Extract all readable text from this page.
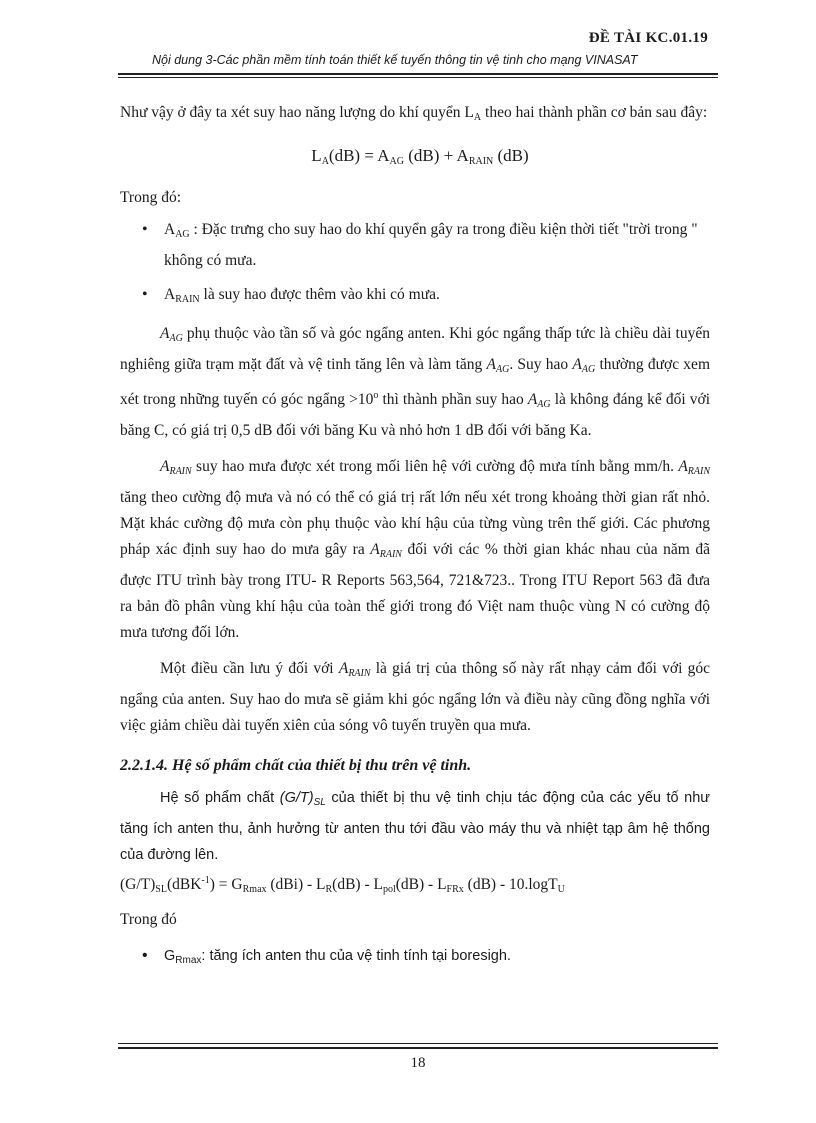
ĐỀ TÀI KC.01.19
Nội dung 3-Các phần mềm tính toán thiết kế tuyến thông tin vệ tinh cho mạng VINASAT

Như vậy ở đây ta xét suy hao năng lượng do khí quyển $L_A$ theo hai thành phần cơ bản sau đây:

$L_A(dB) = A_{AG}$ $(dB) + A_{RAIN}$ (dB)

Trong đó:

• $A_{AG}$ : Đặc trưng cho suy hao do khí quyển gây ra trong điều kiện thời tiết "trời trong " không có mưa.
• $A_{RAIN}$ là suy hao được thêm vào khi có mưa.

$A_{AG}$ phụ thuộc vào tần số và góc ngẩng anten. Khi góc ngẩng thấp tức là chiều dài tuyến nghiêng giữa trạm mặt đất và vệ tinh tăng lên và làm tăng $A_{AG}$. Suy hao $A_{AG}$ thường được xem xét trong những tuyến có góc ngẩng $>10^o$ thì thành phần suy hao $A_{AG}$ là không đáng kể đối với băng C, có giá trị 0,5 dB đối với băng Ku và nhỏ hơn 1 dB đối với băng Ka.

$A_{RAIN}$ suy hao mưa được xét trong mối liên hệ với cường độ mưa tính bằng mm/h. $A_{RAIN}$ tăng theo cường độ mưa và nó có thể có giá trị rất lớn nếu xét trong khoảng thời gian rất nhỏ. Mặt khác cường độ mưa còn phụ thuộc vào khí hậu của từng vùng trên thế giới. Các phương pháp xác định suy hao do mưa gây ra $A_{RAIN}$ đối với các % thời gian khác nhau của năm đã được ITU trình bày trong ITU- R Reports 563,564, 721&723.. Trong ITU Report 563 đã đưa ra bản đồ phân vùng khí hậu của toàn thế giới trong đó Việt nam thuộc vùng N có cường độ mưa tương đối lớn.

Một điều cần lưu ý đối với $A_{RAIN}$ là giá trị của thông số này rất nhạy cảm đối với góc ngẩng của anten. Suy hao do mưa sẽ giảm khi góc ngẩng lớn và điều này cũng đồng nghĩa với việc giảm chiều dài tuyến xiên của sóng vô tuyến truyền qua mưa.

2.2.1.4. Hệ số phẩm chất của thiết bị thu trên vệ tinh.

Hệ số phẩm chất $(G/T)_{SL}$ của thiết bị thu vệ tinh chịu tác động của các yếu tố như tăng ích anten thu, ảnh hưởng từ anten thu tới đầu vào máy thu và nhiệt tạp âm hệ thống của đường lên.

$(G/T)_{SL}(dBK^{-1}) = G_{Rmax}$ $(dBi) - L_R(dB) - L_{pol}(dB) - L_{FRx}$ (dB) - 10.logT$_U$

Trong đó

• $G_{Rmax}$: tăng ích anten thu của vệ tinh tính tại boresigh.
18
